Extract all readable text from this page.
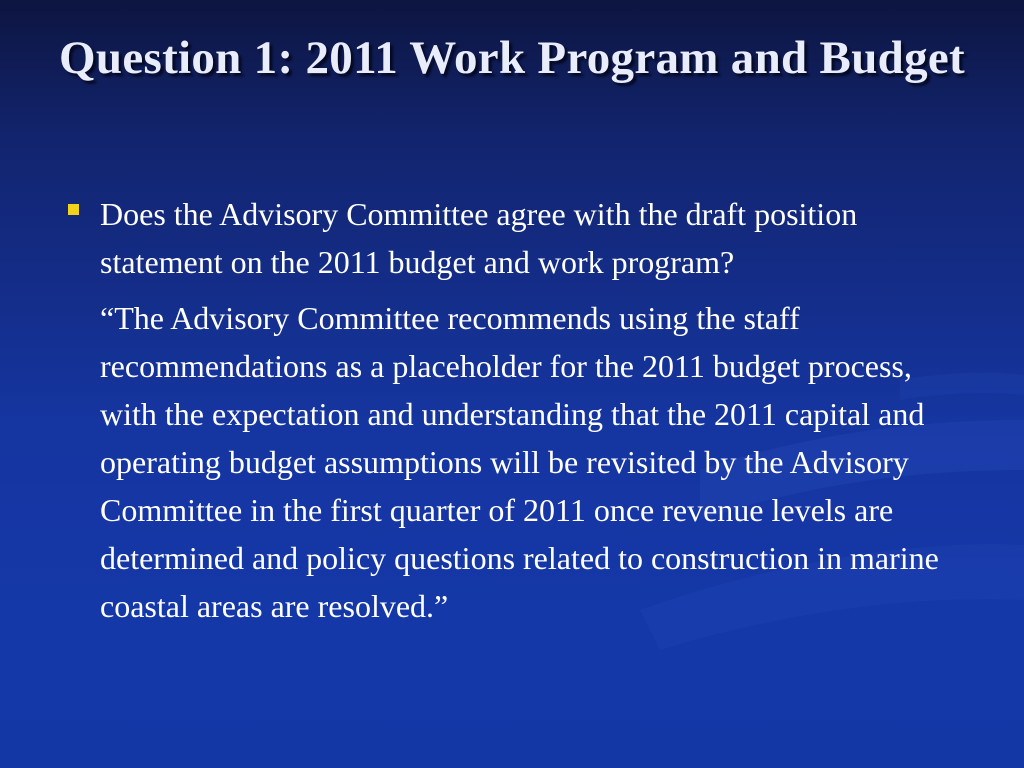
Question 1: 2011 Work Program and Budget
Does the Advisory Committee agree with the draft position statement on the 2011 budget and work program?
“The Advisory Committee recommends using the staff recommendations as a placeholder for the 2011 budget process, with the expectation and understanding that the 2011 capital and operating budget assumptions will be revisited by the Advisory Committee in the first quarter of 2011 once revenue levels are determined and policy questions related to construction in marine coastal areas are resolved.”
